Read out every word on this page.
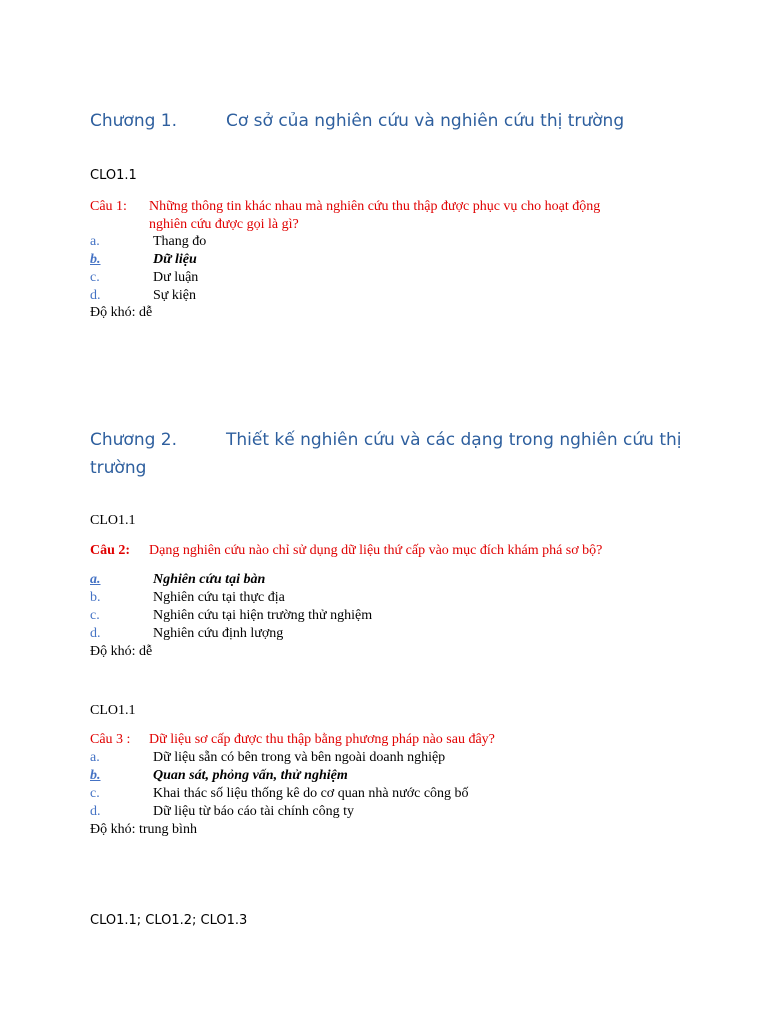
Chương 1.	Cơ sở của nghiên cứu và nghiên cứu thị trường
CLO1.1
Câu 1: Những thông tin khác nhau mà nghiên cứu thu thập được phục vụ cho hoạt động
nghiên cứu được gọi là gì?
a.	Thang đo
b.	Dữ liệu
c.	Dư luận
d.	Sự kiện
Độ khó: dễ
Chương 2.	Thiết kế nghiên cứu và các dạng trong nghiên cứu thị
trường
CLO1.1
Câu 2: Dạng nghiên cứu nào chỉ sử dụng dữ liệu thứ cấp vào mục đích khám phá sơ bộ?
a.	Nghiên cứu tại bàn
b.	Nghiên cứu tại thực địa
c.	Nghiên cứu tại hiện trường thử nghiệm
d.	Nghiên cứu định lượng
Độ khó: dễ
CLO1.1
Câu 3 : Dữ liệu sơ cấp được thu thập bằng phương pháp nào sau đây?
a.	Dữ liệu sẵn có bên trong và bên ngoài doanh nghiệp
b.	Quan sát, phỏng vấn, thử nghiệm
c.	Khai thác số liệu thống kê do cơ quan nhà nước công bố
d.	Dữ liệu từ báo cáo tài chính công ty
Độ khó: trung bình
CLO1.1; CLO1.2; CLO1.3
